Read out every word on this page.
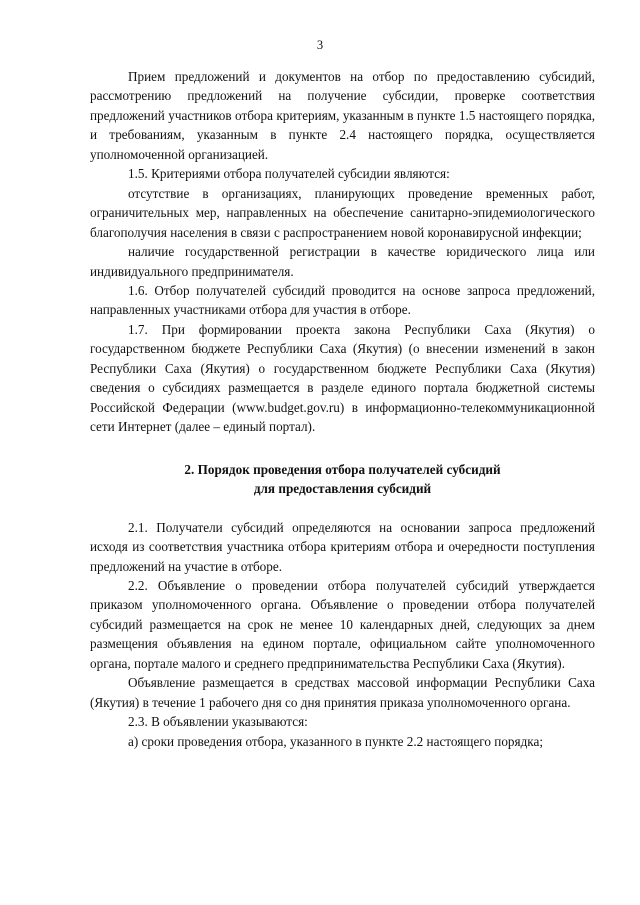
3

Прием предложений и документов на отбор по предоставлению субсидий, рассмотрению предложений на получение субсидии, проверке соответствия предложений участников отбора критериям, указанным в пункте 1.5 настоящего порядка, и требованиям, указанным в пункте 2.4 настоящего порядка, осуществляется уполномоченной организацией.

1.5. Критериями отбора получателей субсидии являются:

отсутствие в организациях, планирующих проведение временных работ, ограничительных мер, направленных на обеспечение санитарно-эпидемиологического благополучия населения в связи с распространением новой коронавирусной инфекции;

наличие государственной регистрации в качестве юридического лица или индивидуального предпринимателя.

1.6. Отбор получателей субсидий проводится на основе запроса предложений, направленных участниками отбора для участия в отборе.

1.7. При формировании проекта закона Республики Саха (Якутия) о государственном бюджете Республики Саха (Якутия) (о внесении изменений в закон Республики Саха (Якутия) о государственном бюджете Республики Саха (Якутия) сведения о субсидиях размещается в разделе единого портала бюджетной системы Российской Федерации (www.budget.gov.ru) в информационно-телекоммуникационной сети Интернет (далее – единый портал).

2. Порядок проведения отбора получателей субсидий
для предоставления субсидий

2.1. Получатели субсидий определяются на основании запроса предложений исходя из соответствия участника отбора критериям отбора и очередности поступления предложений на участие в отборе.

2.2. Объявление о проведении отбора получателей субсидий утверждается приказом уполномоченного органа. Объявление о проведении отбора получателей субсидий размещается на срок не менее 10 календарных дней, следующих за днем размещения объявления на едином портале, официальном сайте уполномоченного органа, портале малого и среднего предпринимательства Республики Саха (Якутия).

Объявление размещается в средствах массовой информации Республики Саха (Якутия) в течение 1 рабочего дня со дня принятия приказа уполномоченного органа.

2.3. В объявлении указываются:

а) сроки проведения отбора, указанного в пункте 2.2 настоящего порядка;
